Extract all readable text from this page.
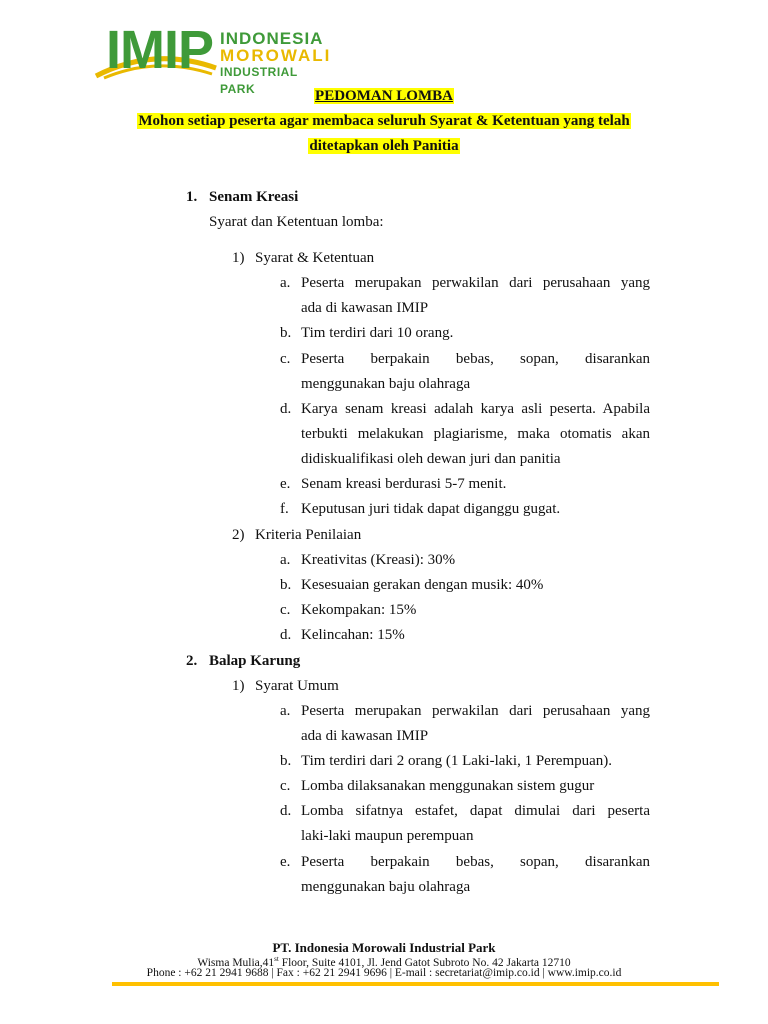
IMIP INDONESIA
MOROWALI
INDUSTRIAL PARK	PEDOMAN LOMBA
Mohon setiap peserta agar membaca seluruh Syarat & Ketentuan yang telah
ditetapkan oleh Panitia
1. Senam Kreasi
Syarat dan Ketentuan lomba:
1) Syarat & Ketentuan
a. Peserta merupakan perwakilan dari perusahaan yang
ada di kawasan IMIP
b. Tim terdiri dari 10 orang.
c. Peserta berpakain bebas, sopan, disarankan
menggunakan baju olahraga
d. Karya senam kreasi adalah karya asli peserta. Apabila
terbukti melakukan plagiarisme, maka otomatis akan
didiskualifikasi oleh dewan juri dan panitia
e. Senam kreasi berdurasi 5-7 menit.
f. Keputusan juri tidak dapat diganggu gugat.
2) Kriteria Penilaian
a. Kreativitas (Kreasi): 30%
b. Kesesuaian gerakan dengan musik: 40%
c. Kekompakan: 15%
d. Kelincahan: 15%
2. Balap Karung
1) Syarat Umum
a. Peserta merupakan perwakilan dari perusahaan yang
ada di kawasan IMIP
b. Tim terdiri dari 2 orang (1 Laki-laki, 1 Perempuan).
c. Lomba dilaksanakan menggunakan sistem gugur
d. Lomba sifatnya estafet, dapat dimulai dari peserta
laki-laki maupun perempuan
e. Peserta berpakain bebas, sopan, disarankan
menggunakan baju olahraga
PT. Indonesia Morowali Industrial Park
Wisma Mulia,41st Floor, Suite 4101, Jl. Jend Gatot Subroto No. 42 Jakarta 12710
Phone : +62 21 2941 9688 | Fax : +62 21 2941 9696 | E-mail : secretariat@imip.co.id | www.imip.co.id
